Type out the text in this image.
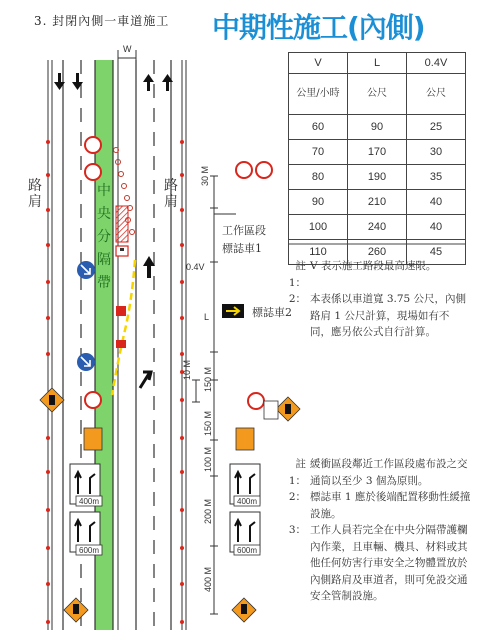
3. 封閉內側一車道施工 中期性施工(內側)
W
路肩
路肩
中央分隔帶
工作區段
標誌車1
標誌車2
30 M
0.4V
L
10 M 150 M
150 M
100 M
200 M
400 M
400m	400m
600m	600m
V	L	0.4V
公里/小時	公尺	公尺
60	90	25
70	170	30
80	190	35
90	210	40
100	240	40
110	260	45
註 1：
V 表示施工路段最高速限。
2： 本表係以車道寬 3.75 公尺，內側路肩 1 公尺計算，現場如有不同，應另依公式自行計算。
註 1：
緩衝區段鄰近工作區段處布設之交通筒以至少 3 個為原則。
2： 標誌車 1 應於後端配置移動性緩撞設施。
3： 工作人員若完全在中央分隔帶護欄內作業，且車輛、機具、材料或其他任何妨害行車安全之物體置放於內側路肩及車道者，則可免設交通安全管制設施。
